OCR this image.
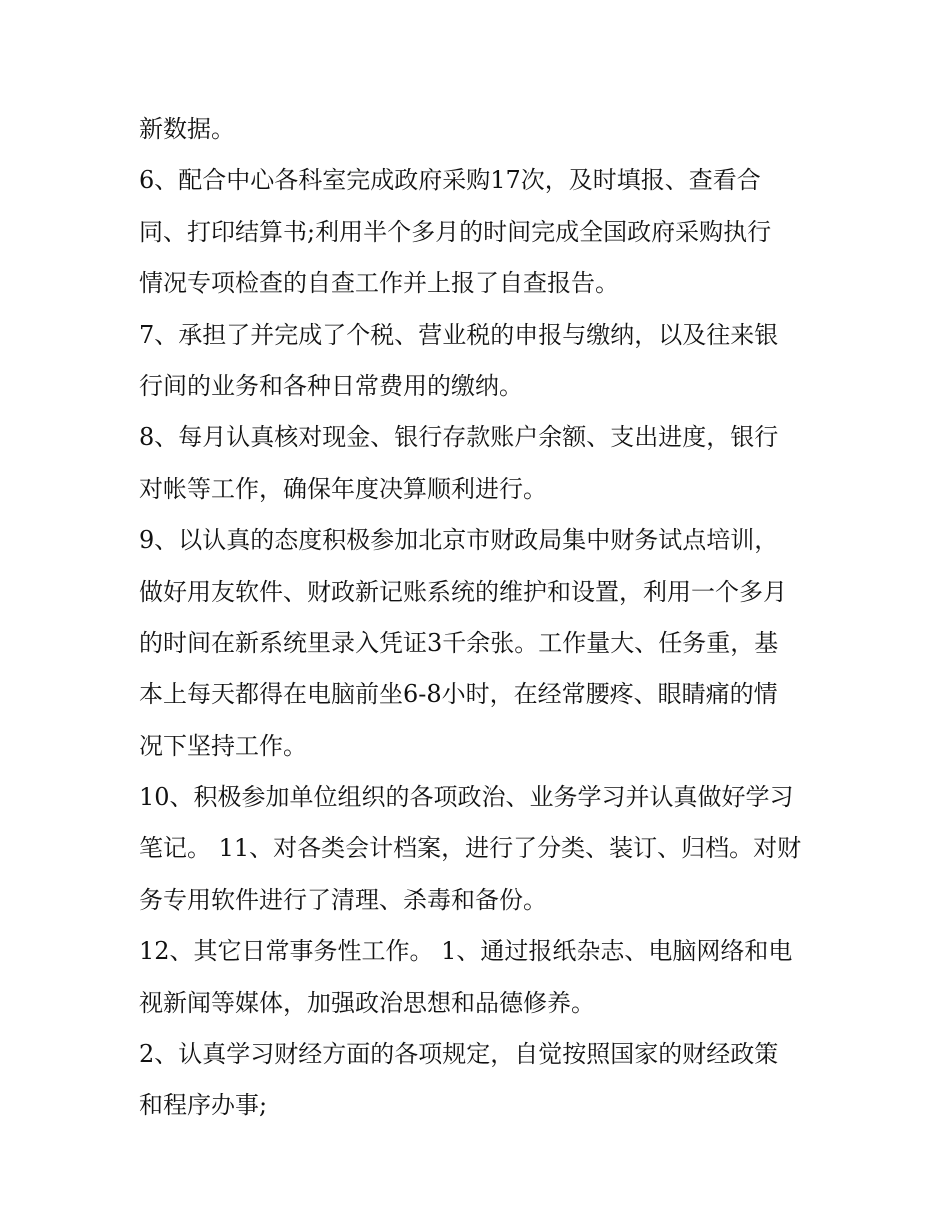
新数据。
6、配合中心各科室完成政府采购17次，及时填报、查看合
同、打印结算书;利用半个多月的时间完成全国政府采购执行
情况专项检查的自查工作并上报了自查报告。
7、承担了并完成了个税、营业税的申报与缴纳，以及往来银
行间的业务和各种日常费用的缴纳。
8、每月认真核对现金、银行存款账户余额、支出进度，银行
对帐等工作，确保年度决算顺利进行。
9、以认真的态度积极参加北京市财政局集中财务试点培训，
做好用友软件、财政新记账系统的维护和设置，利用一个多月
的时间在新系统里录入凭证3千余张。工作量大、任务重，基
本上每天都得在电脑前坐6-8小时，在经常腰疼、眼睛痛的情
况下坚持工作。
10、积极参加单位组织的各项政治、业务学习并认真做好学习
笔记。 11、对各类会计档案，进行了分类、装订、归档。对财
务专用软件进行了清理、杀毒和备份。
12、其它日常事务性工作。 1、通过报纸杂志、电脑网络和电
视新闻等媒体，加强政治思想和品德修养。
2、认真学习财经方面的各项规定，自觉按照国家的财经政策
和程序办事;
